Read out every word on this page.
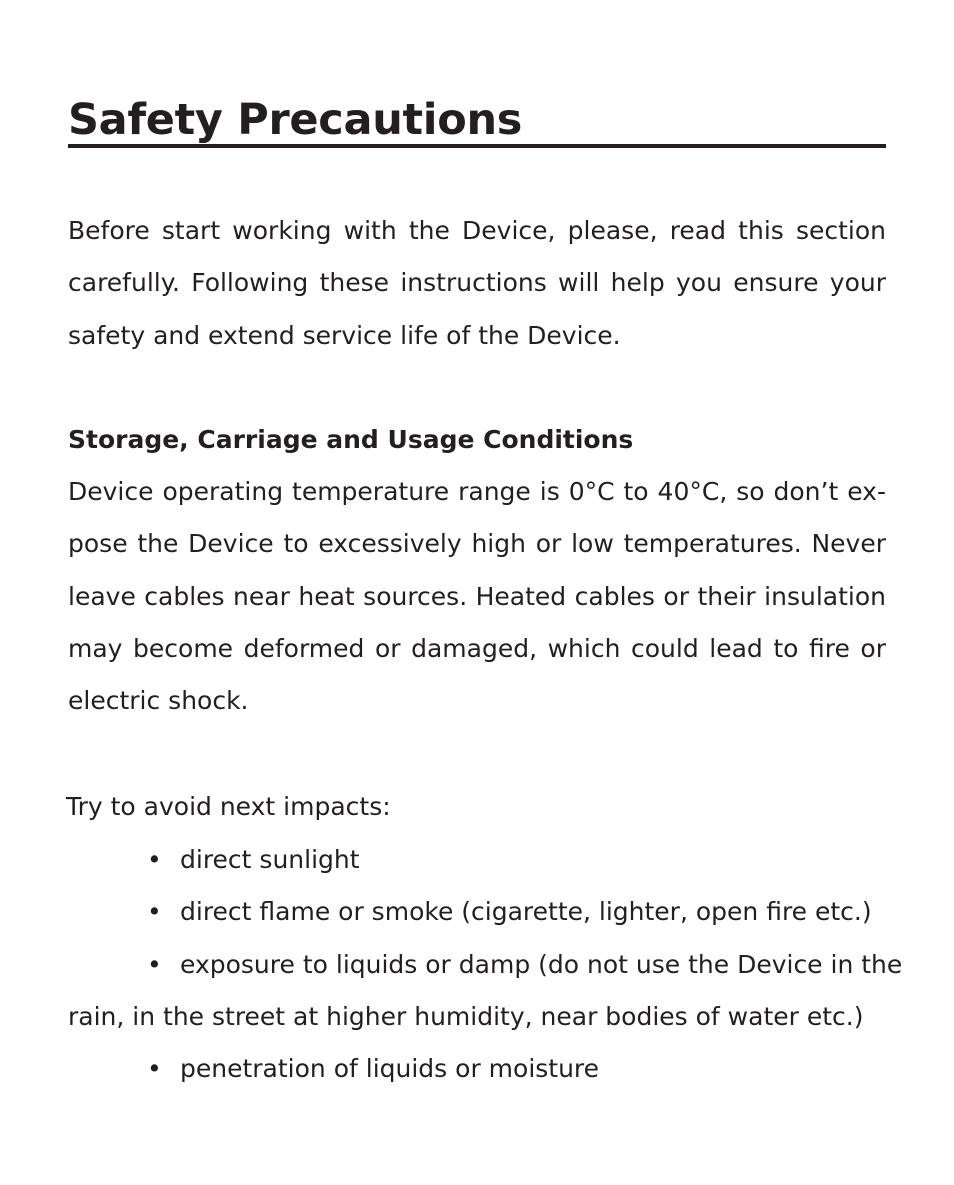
Safety Precautions

Before start working with the Device, please, read this section carefully. Following these instructions will help you ensure your safety and extend service life of the Device.

Storage, Carriage and Usage Conditions

Device operating temperature range is 0°C to 40°C, so don’t expose the Device to excessively high or low temperatures. Never leave cables near heat sources. Heated cables or their insulation may become deformed or damaged, which could lead to fire or electric shock.

Try to avoid next impacts:

• direct sunlight
• direct flame or smoke (cigarette, lighter, open fire etc.)
• exposure to liquids or damp (do not use the Device in the
rain, in the street at higher humidity, near bodies of water etc.)
• penetration of liquids or moisture
